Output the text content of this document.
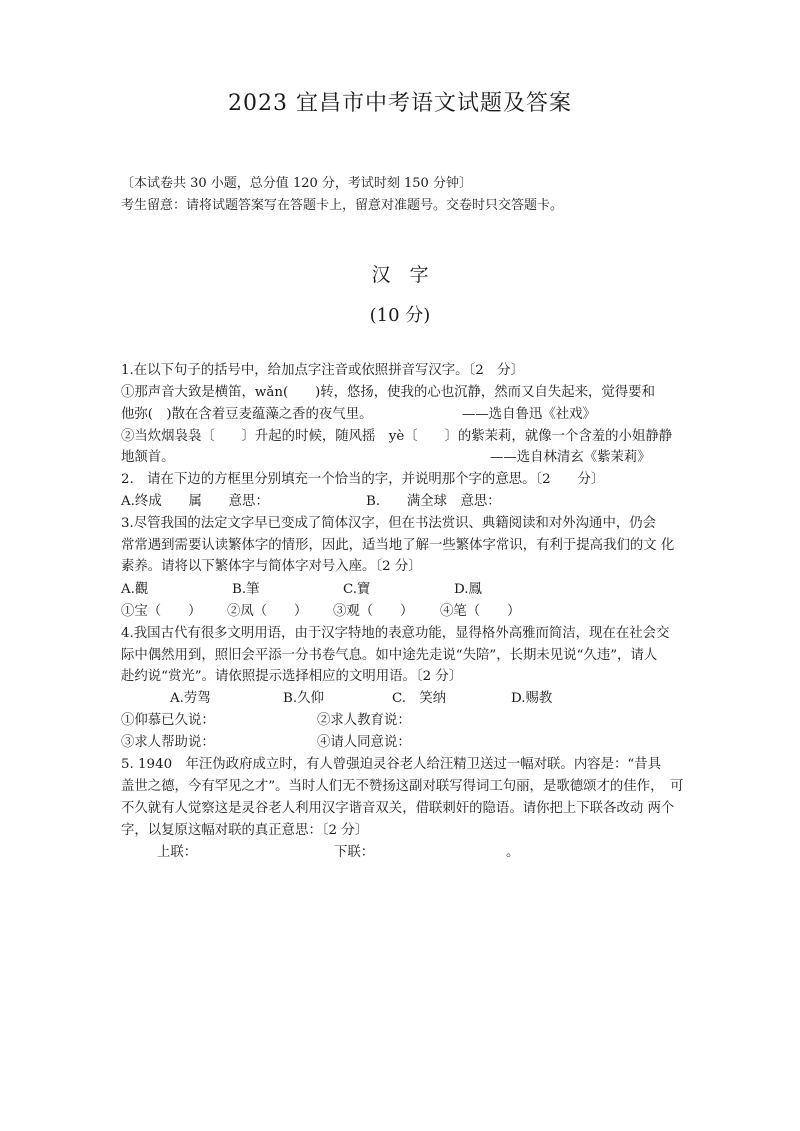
2023 宜昌市中考语文试题及答案
〔本试卷共 30 小题，总分值 120 分，考试时刻 150 分钟〕
考生留意：请将试题答案写在答题卡上，留意对准题号。交卷时只交答题卡。
汉　字
(10 分)
1.在以下句子的括号中，给加点字注音或依照拼音写汉字。〔2　分〕
①那声音大致是横笛，wǎn(　　)转，悠扬，使我的心也沉静，然而又自失起来，觉得要和
他弥(　)散在含着豆麦蕴藻之香的夜气里。	——选自鲁迅《社戏》
②当炊烟袅袅〔　　〕升起的时候，随风摇　yè〔　　〕的紫茉莉，就像一个含羞的小姐静静
地颔首。	——选自林清玄《紫茉莉》
2.　请在下边的方框里分别填充一个恰当的字，并说明那个字的意思。〔2　　分〕
A.终成　　属　　意思：	B.　　满全球　意思：
3.尽管我国的法定文字早已变成了简体汉字，但在书法赏识、典籍阅读和对外沟通中，仍会
常常遇到需要认读繁体字的情形，因此，适当地了解一些繁体字常识，有利于提高我们的文 化
素养。请将以下繁体字与简体字对号入座。〔2 分〕
A.觀	B.筆	C.寶	D.鳳
①宝（　　） ②凤（　　） ③观（　　） ④笔（　　）
4.我国古代有很多文明用语，由于汉字特地的表意功能，显得格外高雅而简洁，现在在社会交
际中偶然用到，照旧会平添一分书卷气息。如中途先走说“失陪”，长期未见说“久违”，请人
赴约说“赏光”。请依照提示选择相应的文明用语。〔2 分〕
A.劳驾	B.久仰	C.　笑纳	D.赐教
①仰慕已久说：	②求人教育说：
③求人帮助说：	④请人同意说：
5. 1940　年汪伪政府成立时，有人曾强迫灵谷老人给汪精卫送过一幅对联。内容是：“昔具
盖世之德，今有罕见之才”。当时人们无不赞扬这副对联写得词工句丽，是歌德颂才的佳作，　可
不久就有人觉察这是灵谷老人利用汉字谐音双关，借联刺奸的隐语。请你把上下联各改动 两个
字，以复原这幅对联的真正意思：〔2 分〕
上联：	下联：	。
